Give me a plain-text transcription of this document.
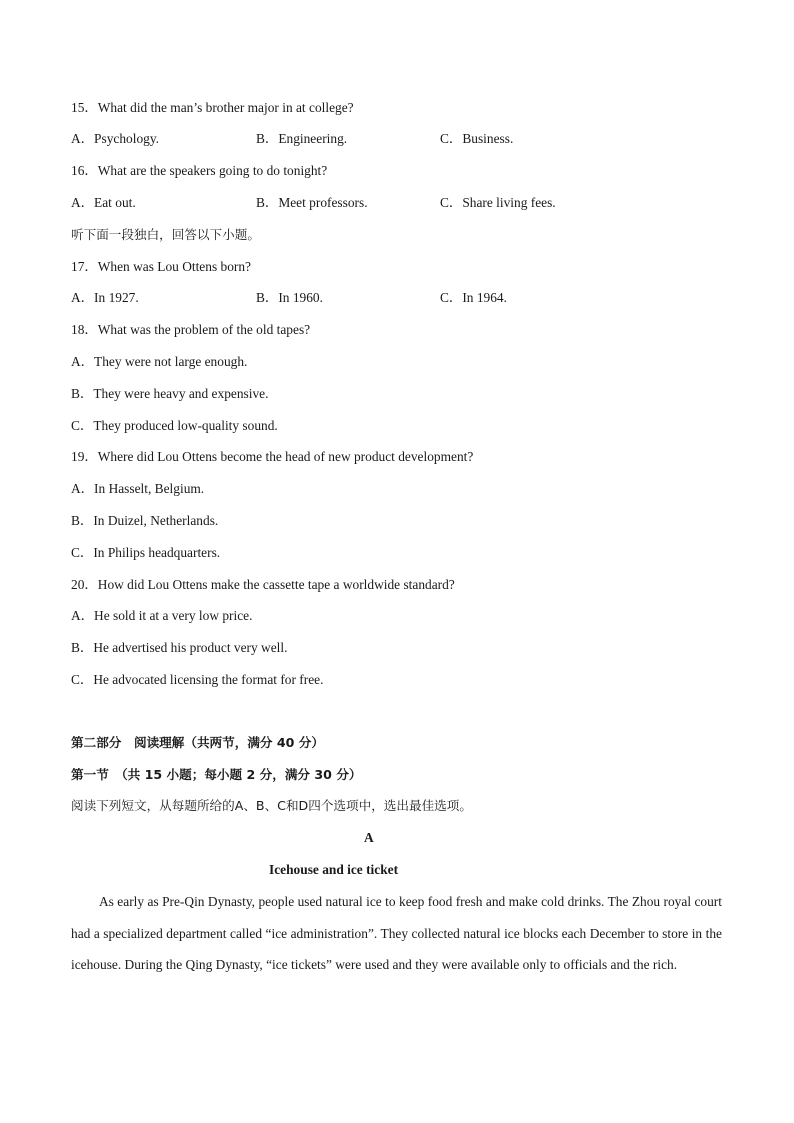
15．What did the man’s brother major in at college?
A．Psychology.	B．Engineering.	C．Business.
16．What are the speakers going to do tonight?
A．Eat out.	B．Meet professors.	C．Share living fees.
听下面一段独白，回答以下小题。
17．When was Lou Ottens born?
A．In 1927.	B．In 1960.	C．In 1964.
18．What was the problem of the old tapes?
A．They were not large enough.
B．They were heavy and expensive.
C．They produced low-quality sound.
19．Where did Lou Ottens become the head of new product development?
A．In Hasselt, Belgium.
B．In Duizel, Netherlands.
C．In Philips headquarters.
20．How did Lou Ottens make the cassette tape a worldwide standard?
A．He sold it at a very low price.
B．He advertised his product very well.
C．He advocated licensing the format for free.
第二部分　阅读理解（共两节，满分 40 分）
第一节　（共 15 小题；每小题 2 分，满分 30 分）
阅读下列短文，从每题所给的A、B、C和D四个选项中，选出最佳选项。
A
Icehouse and ice ticket
As early as Pre-Qin Dynasty, people used natural ice to keep food fresh and make cold drinks. The Zhou royal court had a specialized department called “ice administration”. They collected natural ice blocks each December to store in the icehouse. During the Qing Dynasty, “ice tickets” were used and they were available only to officials and the rich.
